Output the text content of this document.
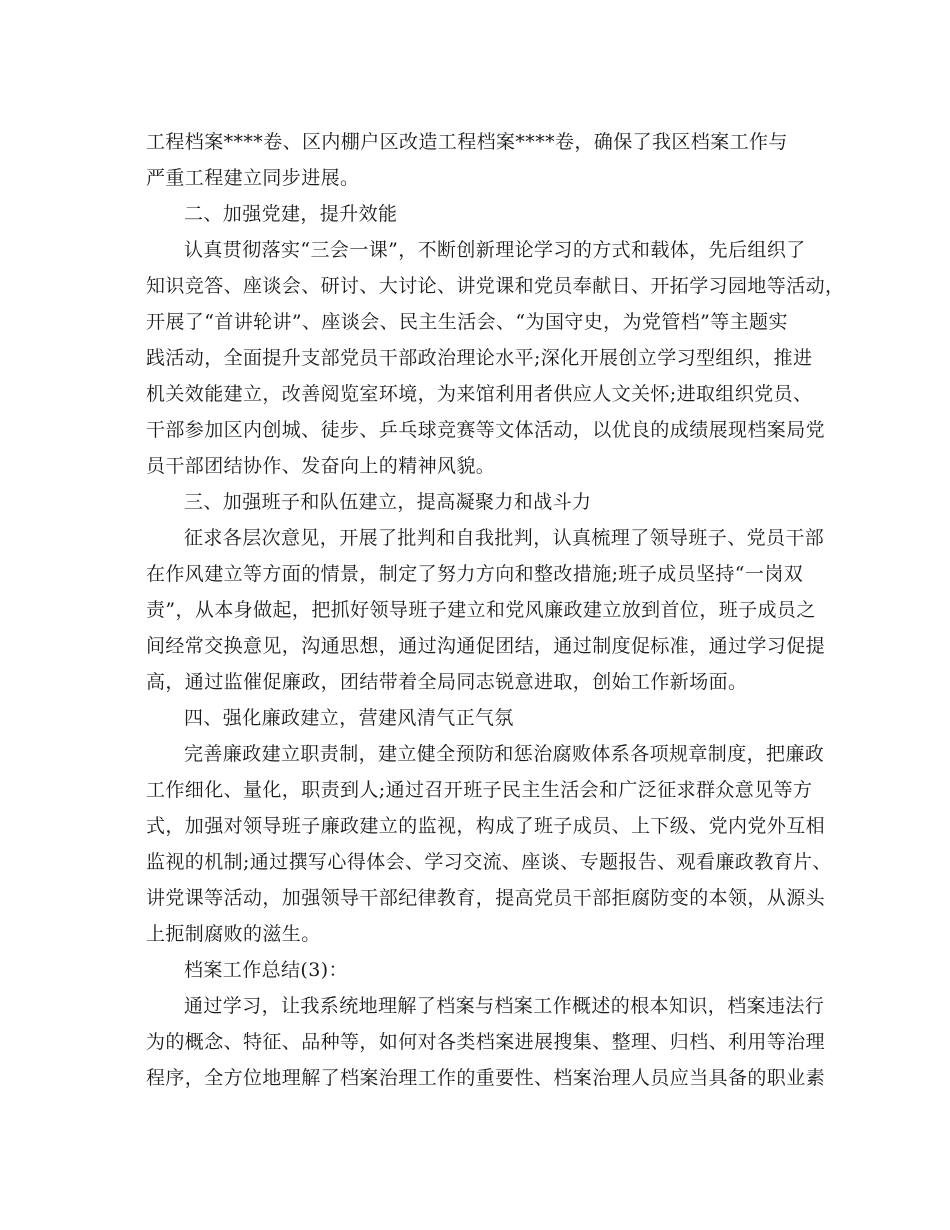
工程档案****卷、区内棚户区改造工程档案****卷，确保了我区档案工作与
严重工程建立同步进展。
二、加强党建，提升效能
认真贯彻落实“三会一课”，不断创新理论学习的方式和载体，先后组织了
知识竞答、座谈会、研讨、大讨论、讲党课和党员奉献日、开拓学习园地等活动，
开展了“首讲轮讲”、座谈会、民主生活会、“为国守史，为党管档”等主题实
践活动，全面提升支部党员干部政治理论水平;深化开展创立学习型组织，推进
机关效能建立，改善阅览室环境，为来馆利用者供应人文关怀;进取组织党员、
干部参加区内创城、徒步、乒乓球竞赛等文体活动，以优良的成绩展现档案局党
员干部团结协作、发奋向上的精神风貌。
三、加强班子和队伍建立，提高凝聚力和战斗力
征求各层次意见，开展了批判和自我批判，认真梳理了领导班子、党员干部
在作风建立等方面的情景，制定了努力方向和整改措施;班子成员坚持“一岗双
责”，从本身做起，把抓好领导班子建立和党风廉政建立放到首位，班子成员之
间经常交换意见，沟通思想，通过沟通促团结，通过制度促标准，通过学习促提
高，通过监催促廉政，团结带着全局同志锐意进取，创始工作新场面。
四、强化廉政建立，营建风清气正气氛
完善廉政建立职责制，建立健全预防和惩治腐败体系各项规章制度，把廉政
工作细化、量化，职责到人;通过召开班子民主生活会和广泛征求群众意见等方
式，加强对领导班子廉政建立的监视，构成了班子成员、上下级、党内党外互相
监视的机制;通过撰写心得体会、学习交流、座谈、专题报告、观看廉政教育片、
讲党课等活动，加强领导干部纪律教育，提高党员干部拒腐防变的本领，从源头
上扼制腐败的滋生。
档案工作总结(3)：
通过学习，让我系统地理解了档案与档案工作概述的根本知识，档案违法行
为的概念、特征、品种等，如何对各类档案进展搜集、整理、归档、利用等治理
程序，全方位地理解了档案治理工作的重要性、档案治理人员应当具备的职业素
